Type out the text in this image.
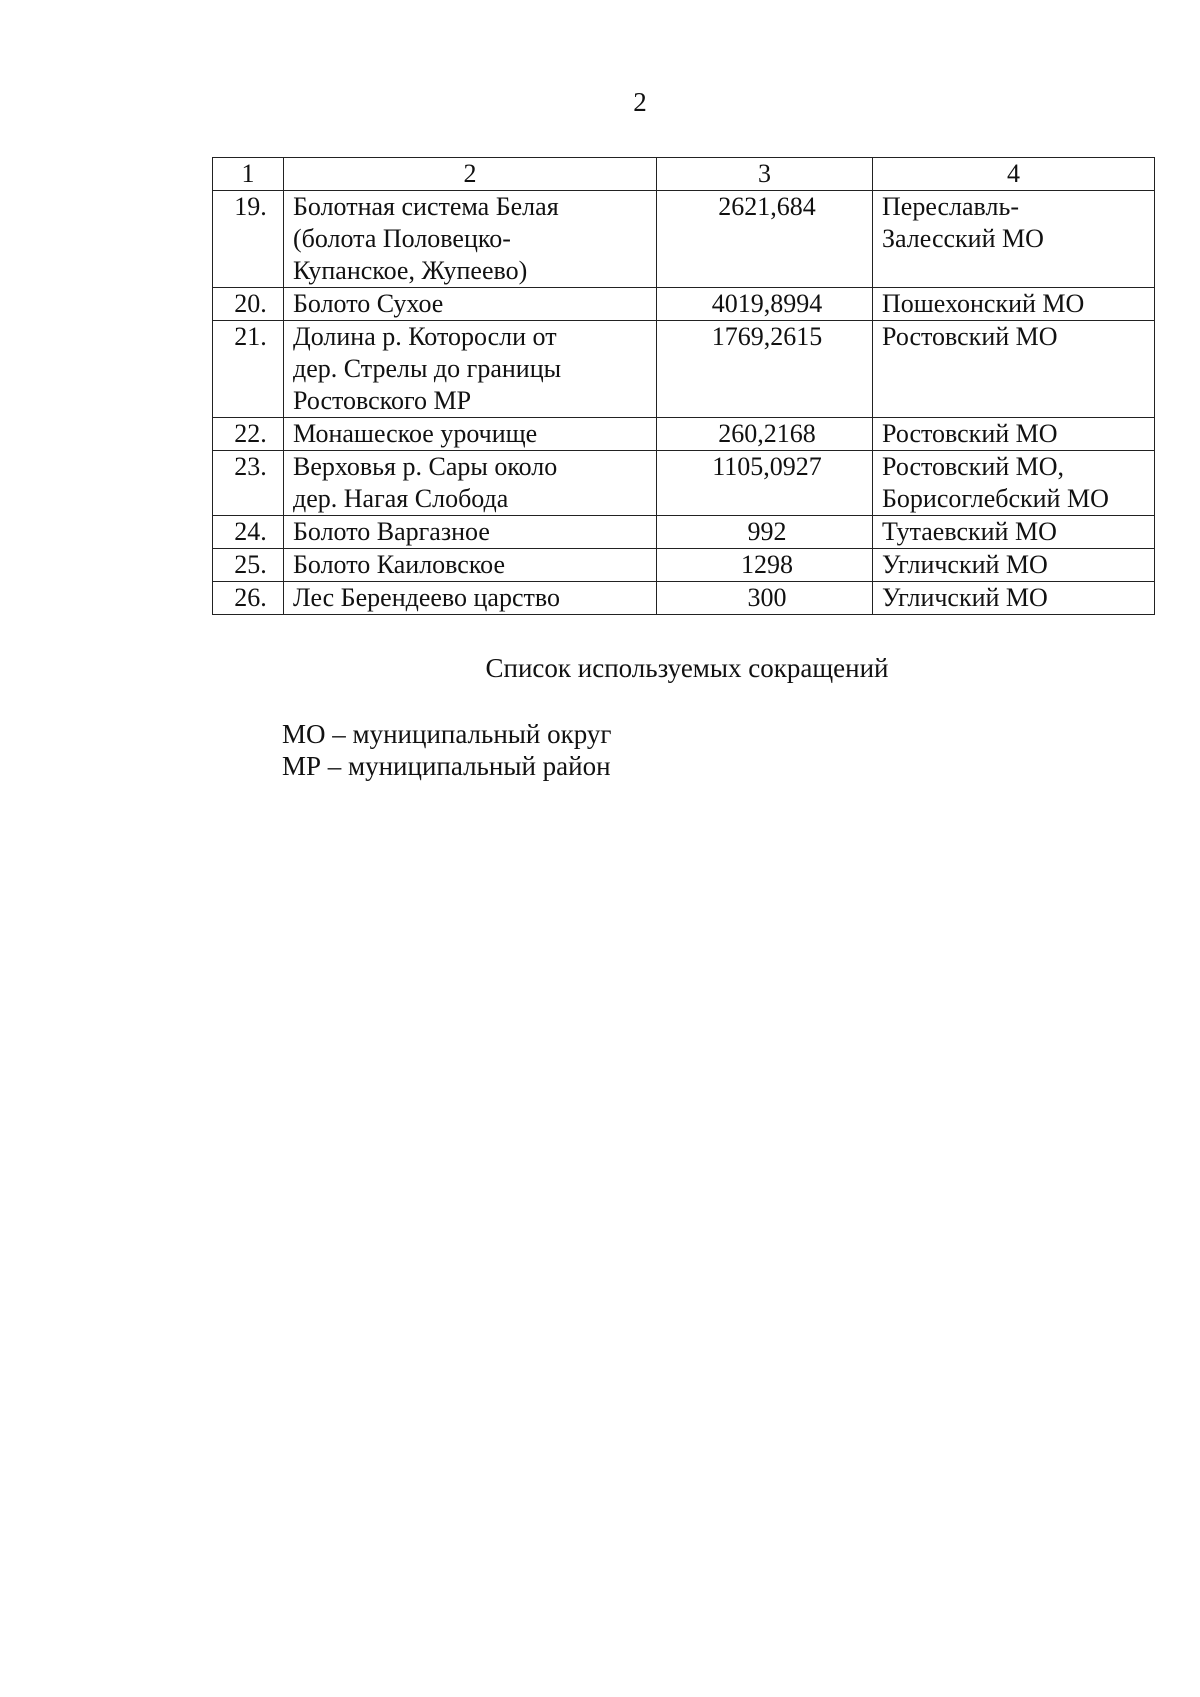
2
1	2	3	4
19.	Болотная система Белая (болота Половецко-Купанское, Жупеево)	2621,684	Переславль-Залесский МО
20.	Болото Сухое	4019,8994	Пошехонский МО
21.	Долина р. Которосли от дер. Стрелы до границы Ростовского МР	1769,2615	Ростовский МО
22.	Монашеское урочище	260,2168	Ростовский МО
23.	Верховья р. Сары около дер. Нагая Слобода	1105,0927	Ростовский МО, Борисоглебский МО
24.	Болото Варгазное	992	Тутаевский МО
25.	Болото Каиловское	1298	Угличский МО
26.	Лес Берендеево царство	300	Угличский МО
Список используемых сокращений
МО – муниципальный округ
МР – муниципальный район
